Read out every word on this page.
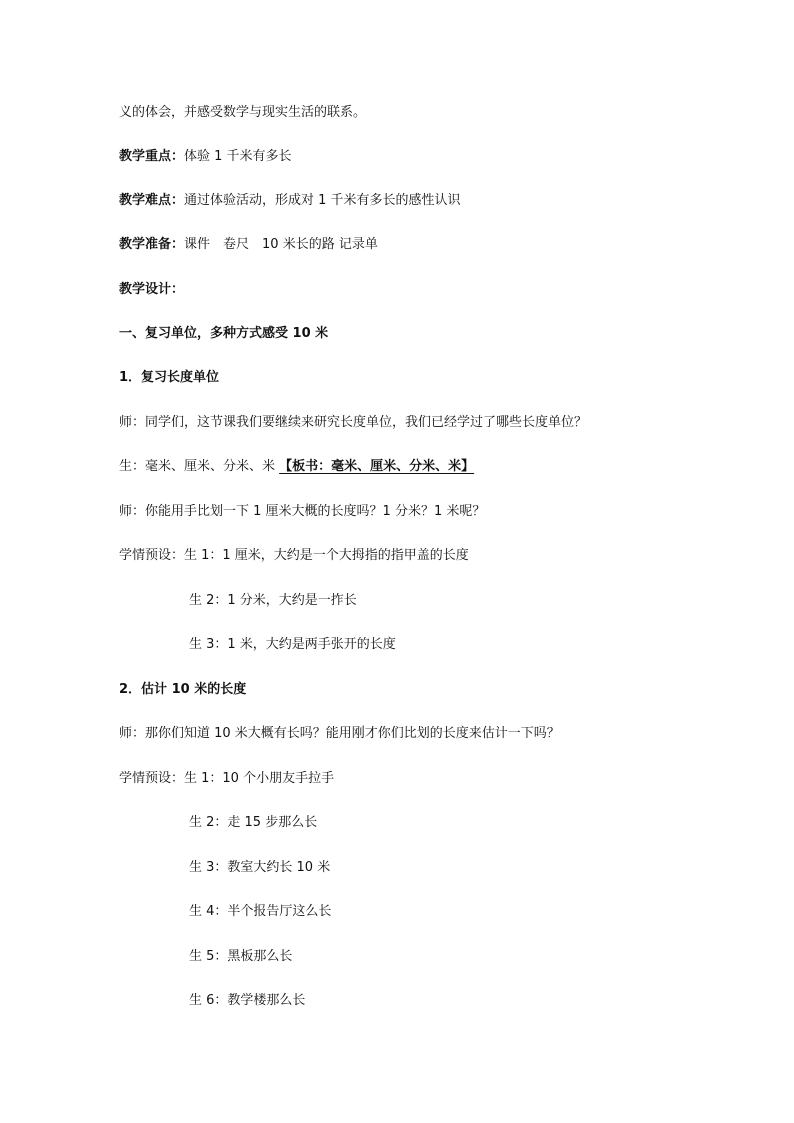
义的体会，并感受数学与现实生活的联系。
教学重点：体验 1 千米有多长
教学难点：通过体验活动，形成对 1 千米有多长的感性认识
教学准备：课件　卷尺　10 米长的路 记录单
教学设计：
一、复习单位，多种方式感受 10 米
1．复习长度单位
师：同学们，这节课我们要继续来研究长度单位，我们已经学过了哪些长度单位？
生：毫米、厘米、分米、米 【板书：毫米、厘米、分米、米】
师：你能用手比划一下 1 厘米大概的长度吗？1 分米？1 米呢？
学情预设：生 1：1 厘米，大约是一个大拇指的指甲盖的长度
生 2：1 分米，大约是一拃长
生 3：1 米，大约是两手张开的长度
2．估计 10 米的长度
师：那你们知道 10 米大概有长吗？能用刚才你们比划的长度来估计一下吗？
学情预设：生 1：10 个小朋友手拉手
生 2：走 15 步那么长
生 3：教室大约长 10 米
生 4：半个报告厅这么长
生 5：黑板那么长
生 6：教学楼那么长
